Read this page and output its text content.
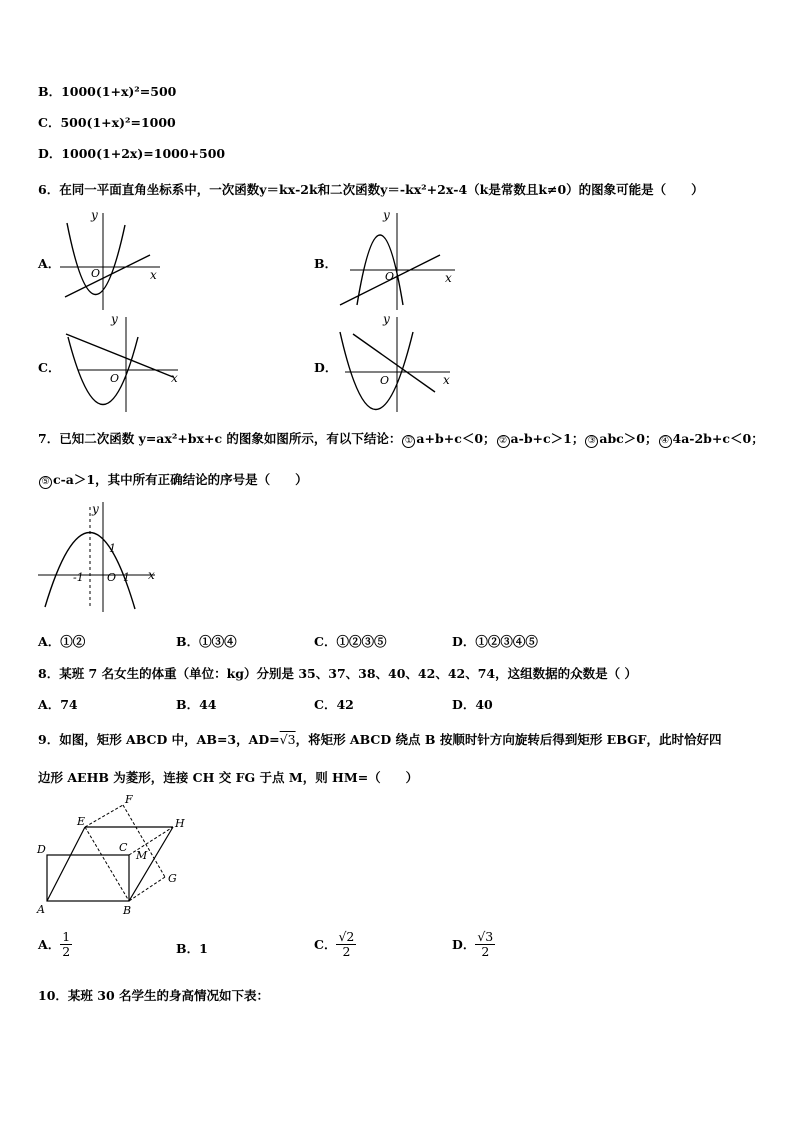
B．1000(1+x)²=500
C．500(1+x)²=1000
D．1000(1+2x)=1000+500
6．在同一平面直角坐标系中，一次函数y＝kx‑2k和二次函数y＝‑kx²+2x‑4（k是常数且k≠0）的图象可能是（　　）
A．
x
y
O
B．
x
y
O
C．
x
y
O
D．
x
y
O
7．已知二次函数 y=ax²+bx+c 的图象如图所示，有以下结论： ① a+b+c＜0； ② a‑b+c＞1； ③ abc＞0； ④ 4a‑2b+c＜0；
⑤ c‑a＞1，其中所有正确结论的序号是（　　）
y
x
1
-1 O 1
A．①②	B．①③④	C．①②③⑤	D．①②③④⑤
8．某班 7 名女生的体重（单位：kg）分别是 35、37、38、40、42、42、74，这组数据的众数是（ ）
A．74	B．44	C．42	D．40
9．如图，矩形 ABCD 中，AB=3，AD=√3，将矩形 ABCD 绕点 B 按顺时针方向旋转后得到矩形 EBGF，此时恰好四
边形 AEHB 为菱形，连接 CH 交 FG 于点 M，则 HM=（　　）
F
E	H
D	C
M
G
A	B
A． $\frac{1}{2}$	B．1	C． $\frac{√2}{2}$	D． $\frac{√3}{2}$
10．某班 30 名学生的身高情况如下表：
